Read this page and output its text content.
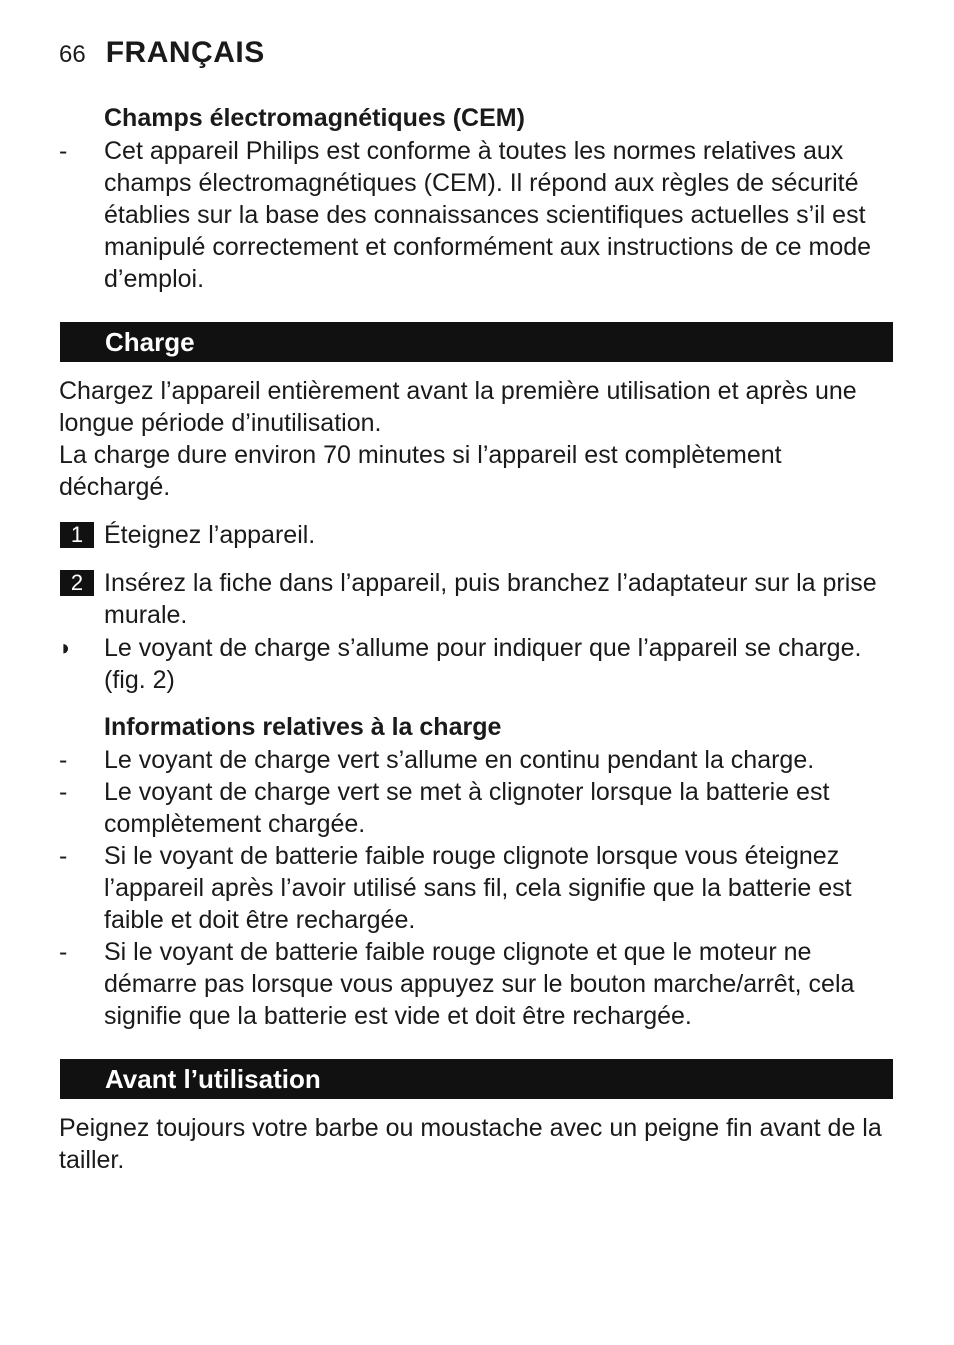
66 FRANÇAIS
Champs électromagnétiques (CEM)
-	Cet appareil Philips est conforme à toutes les normes relatives aux champs électromagnétiques (CEM). Il répond aux règles de sécurité établies sur la base des connaissances scientifiques actuelles s’il est manipulé correctement et conformément aux instructions de ce mode d’emploi.
Charge
Chargez l’appareil entièrement avant la première utilisation et après une longue période d’inutilisation.
La charge dure environ 70 minutes si l’appareil est complètement déchargé.
1 Éteignez l’appareil.
2 Insérez la fiche dans l’appareil, puis branchez l’adaptateur sur la prise murale.
◗ Le voyant de charge s’allume pour indiquer que l’appareil se charge. (fig. 2)
Informations relatives à la charge
-	Le voyant de charge vert s’allume en continu pendant la charge.
-	Le voyant de charge vert se met à clignoter lorsque la batterie est complètement chargée.
-	Si le voyant de batterie faible rouge clignote lorsque vous éteignez l’appareil après l’avoir utilisé sans fil, cela signifie que la batterie est faible et doit être rechargée.
-	Si le voyant de batterie faible rouge clignote et que le moteur ne démarre pas lorsque vous appuyez sur le bouton marche/arrêt, cela signifie que la batterie est vide et doit être rechargée.
Avant l’utilisation
Peignez toujours votre barbe ou moustache avec un peigne fin avant de la tailler.
